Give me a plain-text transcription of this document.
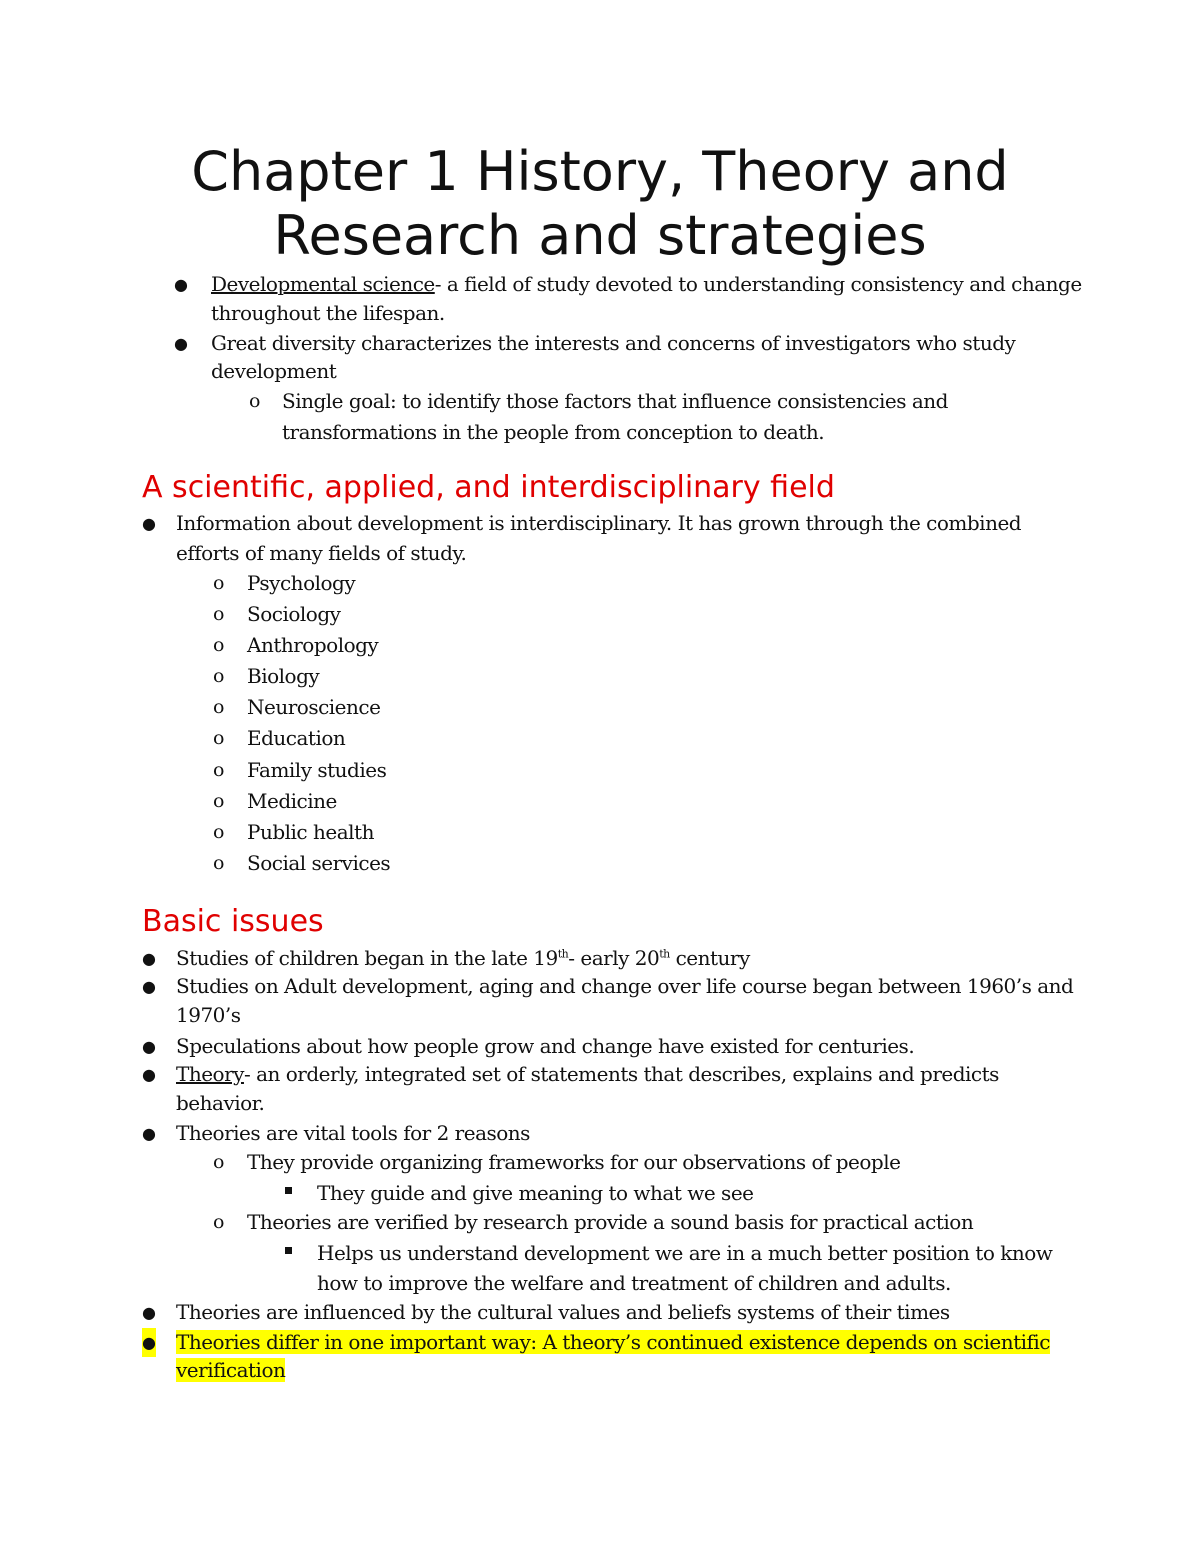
Chapter 1 History, Theory and
Research and strategies
● Developmental science- a field of study devoted to understanding consistency and change
throughout the lifespan.
● Great diversity characterizes the interests and concerns of investigators who study
development
o Single goal: to identify those factors that influence consistencies and
transformations in the people from conception to death.
A scientific, applied, and interdisciplinary field
● Information about development is interdisciplinary. It has grown through the combined
efforts of many fields of study.
o Psychology
o Sociology
o Anthropology
o Biology
o Neuroscience
o Education
o Family studies
o Medicine
o Public health
o Social services
Basic issues
● Studies of children began in the late 19th- early 20th century
● Studies on Adult development, aging and change over life course began between 1960’s and
1970’s
● Speculations about how people grow and change have existed for centuries.
● Theory- an orderly, integrated set of statements that describes, explains and predicts
behavior.
● Theories are vital tools for 2 reasons
o They provide organizing frameworks for our observations of people
They guide and give meaning to what we see
o Theories are verified by research provide a sound basis for practical action
Helps us understand development we are in a much better position to know
how to improve the welfare and treatment of children and adults.
● Theories are influenced by the cultural values and beliefs systems of their times
● Theories differ in one important way: A theory’s continued existence depends on scientific
verification
